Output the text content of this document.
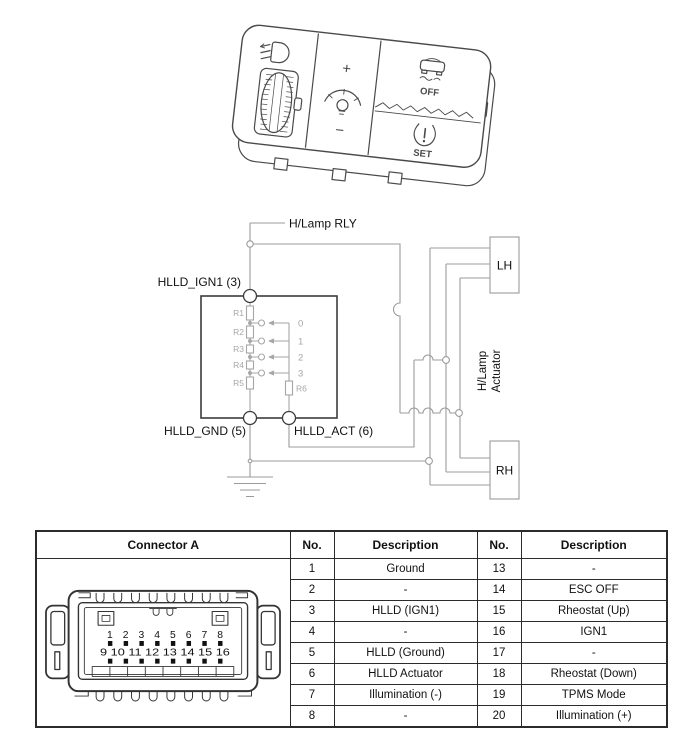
+
−
OFF
SET
R1
R2
R3
R4
R5
R6
0
1
2
3
H/Lamp RLY
HLLD_IGN1 (3)
HLLD_GND (5)	HLLD_ACT (6)
LH
RH
H/Lamp Actuator
Connector A	No.	Description	No.	Description

1 2 3 4 5 6 7 8
9 10 11 12 13 14 15 16	1	Ground	13	-
	2	-	14	ESC OFF
	3	HLLD (IGN1)	15	Rheostat (Up)
	4	-	16	IGN1
	5	HLLD (Ground)	17	-
	6	HLLD Actuator	18	Rheostat (Down)
	7	Illumination (-)	19	TPMS Mode
	8	-	20	Illumination (+)
